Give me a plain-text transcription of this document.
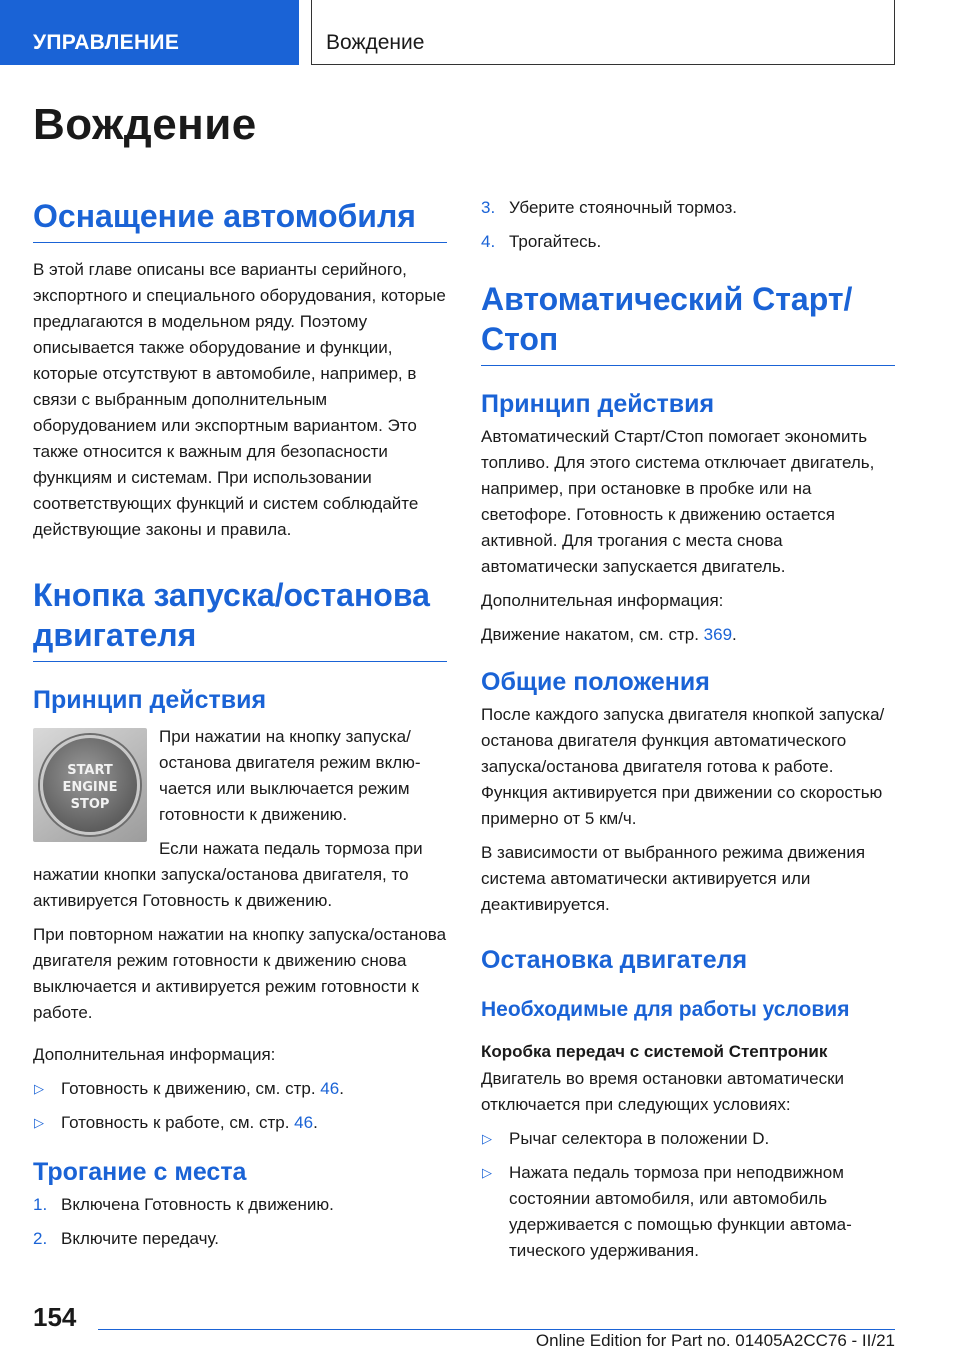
УПРАВЛЕНИЕ	Вождение
Вождение
Оснащение автомобиля

В этой главе описаны все варианты серийного, экспортного и специального оборудования, которые предлагаются в модельном ряду. Поэтому описывается также оборудование и функции, которые отсутствуют в автомобиле, например, в связи с выбранным дополнительным оборудованием или экспортным вариантом. Это также относится к важным для безопасности функциям и системам. При использовании соответствующих функций и систем соблюдайте действующие законы и правила.

Кнопка запуска/останова двигателя
Принцип действия
START
ENGINE
STOP

При нажатии на кнопку запуска/останова двигателя режим включается или выключается режим готовности к движению.

Если нажата педаль тормоза при нажатии кнопки запуска/останова двигателя, то активируется Готовность к движению.

При повторном нажатии на кнопку запуска/останова двигателя режим готовности к движению снова выключается и активируется режим готовности к работе.

Дополнительная информация:

▷ Готовность к движению, см. стр. 46.
▷ Готовность к работе, см. стр. 46.
Трогание с места
1. Включена Готовность к движению.
2. Включите передачу.
3. Уберите стояночный тормоз.
4. Трогайтесь.
Автоматический Старт/Стоп
Принцип действия

Автоматический Старт/Стоп помогает экономить топливо. Для этого система отключает двигатель, например, при остановке в пробке или на светофоре. Готовность к движению остается активной. Для трогания с места снова автоматически запускается двигатель.

Дополнительная информация:

Движение накатом, см. стр. 369.

Общие положения

После каждого запуска двигателя кнопкой запуска/останова двигателя функция автоматического запуска/останова двигателя готова к работе. Функция активируется при движении со скоростью примерно от 5 км/ч.

В зависимости от выбранного режима движения система автоматически активируется или деактивируется.

Остановка двигателя
Необходимые для работы условия
Коробка передач с системой Стептроник

Двигатель во время остановки автоматически отключается при следующих условиях:

▷ Рычаг селектора в положении D.
▷ Нажата педаль тормоза при неподвижном состоянии автомобиля, или автомобиль удерживается с помощью функции автоматического удерживания.
154
Online Edition for Part no. 01405A2CC76 - II/21
